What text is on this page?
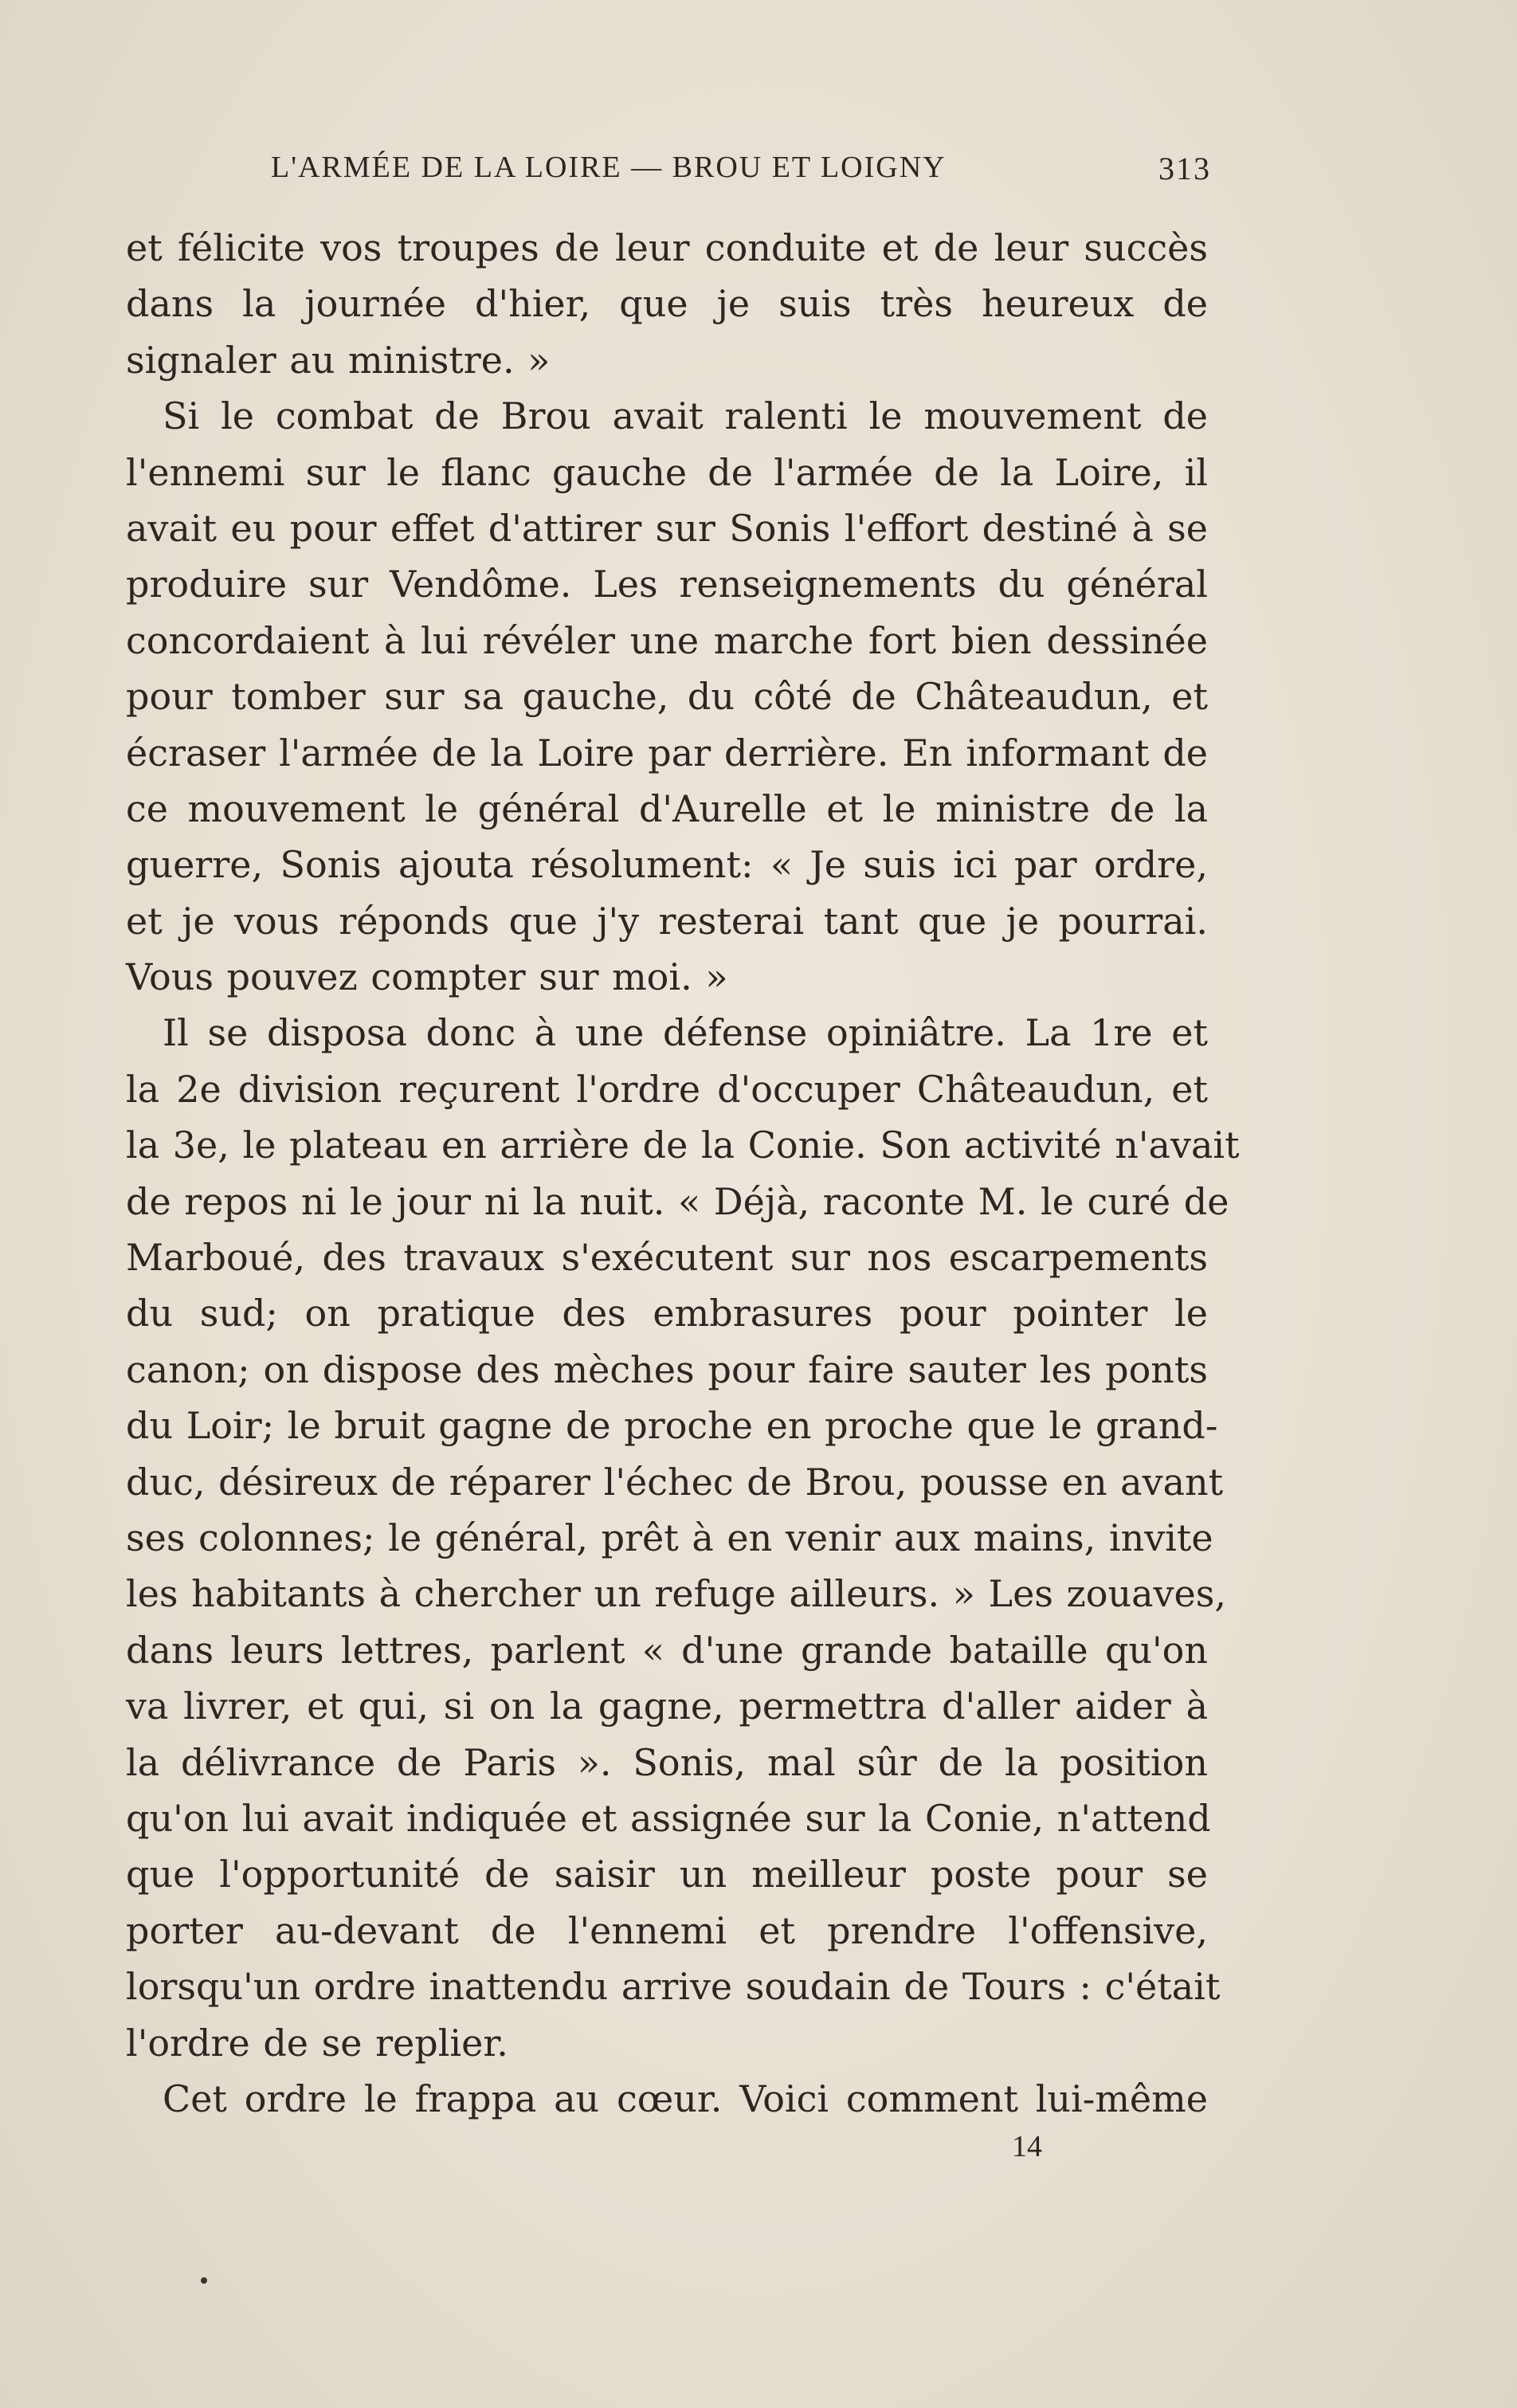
L'ARMÉE DE LA LOIRE — BROU ET LOIGNY	313
et félicite vos troupes de leur conduite et de leur succès
dans la journée d'hier, que je suis très heureux de
signaler au ministre. »
Si le combat de Brou avait ralenti le mouvement de
l'ennemi sur le flanc gauche de l'armée de la Loire, il
avait eu pour effet d'attirer sur Sonis l'effort destiné à se
produire sur Vendôme. Les renseignements du général
concordaient à lui révéler une marche fort bien dessinée
pour tomber sur sa gauche, du côté de Châteaudun, et
écraser l'armée de la Loire par derrière. En informant de
ce mouvement le général d'Aurelle et le ministre de la
guerre, Sonis ajouta résolument: « Je suis ici par ordre,
et je vous réponds que j'y resterai tant que je pourrai.
Vous pouvez compter sur moi. »
Il se disposa donc à une défense opiniâtre. La 1re et
la 2e division reçurent l'ordre d'occuper Châteaudun, et
la 3e, le plateau en arrière de la Conie. Son activité n'avait
de repos ni le jour ni la nuit. « Déjà, raconte M. le curé de
Marboué, des travaux s'exécutent sur nos escarpements
du sud; on pratique des embrasures pour pointer le
canon; on dispose des mèches pour faire sauter les ponts
du Loir; le bruit gagne de proche en proche que le grand-
duc, désireux de réparer l'échec de Brou, pousse en avant
ses colonnes; le général, prêt à en venir aux mains, invite
les habitants à chercher un refuge ailleurs. » Les zouaves,
dans leurs lettres, parlent « d'une grande bataille qu'on
va livrer, et qui, si on la gagne, permettra d'aller aider à
la délivrance de Paris ». Sonis, mal sûr de la position
qu'on lui avait indiquée et assignée sur la Conie, n'attend
que l'opportunité de saisir un meilleur poste pour se
porter au-devant de l'ennemi et prendre l'offensive,
lorsqu'un ordre inattendu arrive soudain de Tours : c'était
l'ordre de se replier.
Cet ordre le frappa au cœur. Voici comment lui-même
14
